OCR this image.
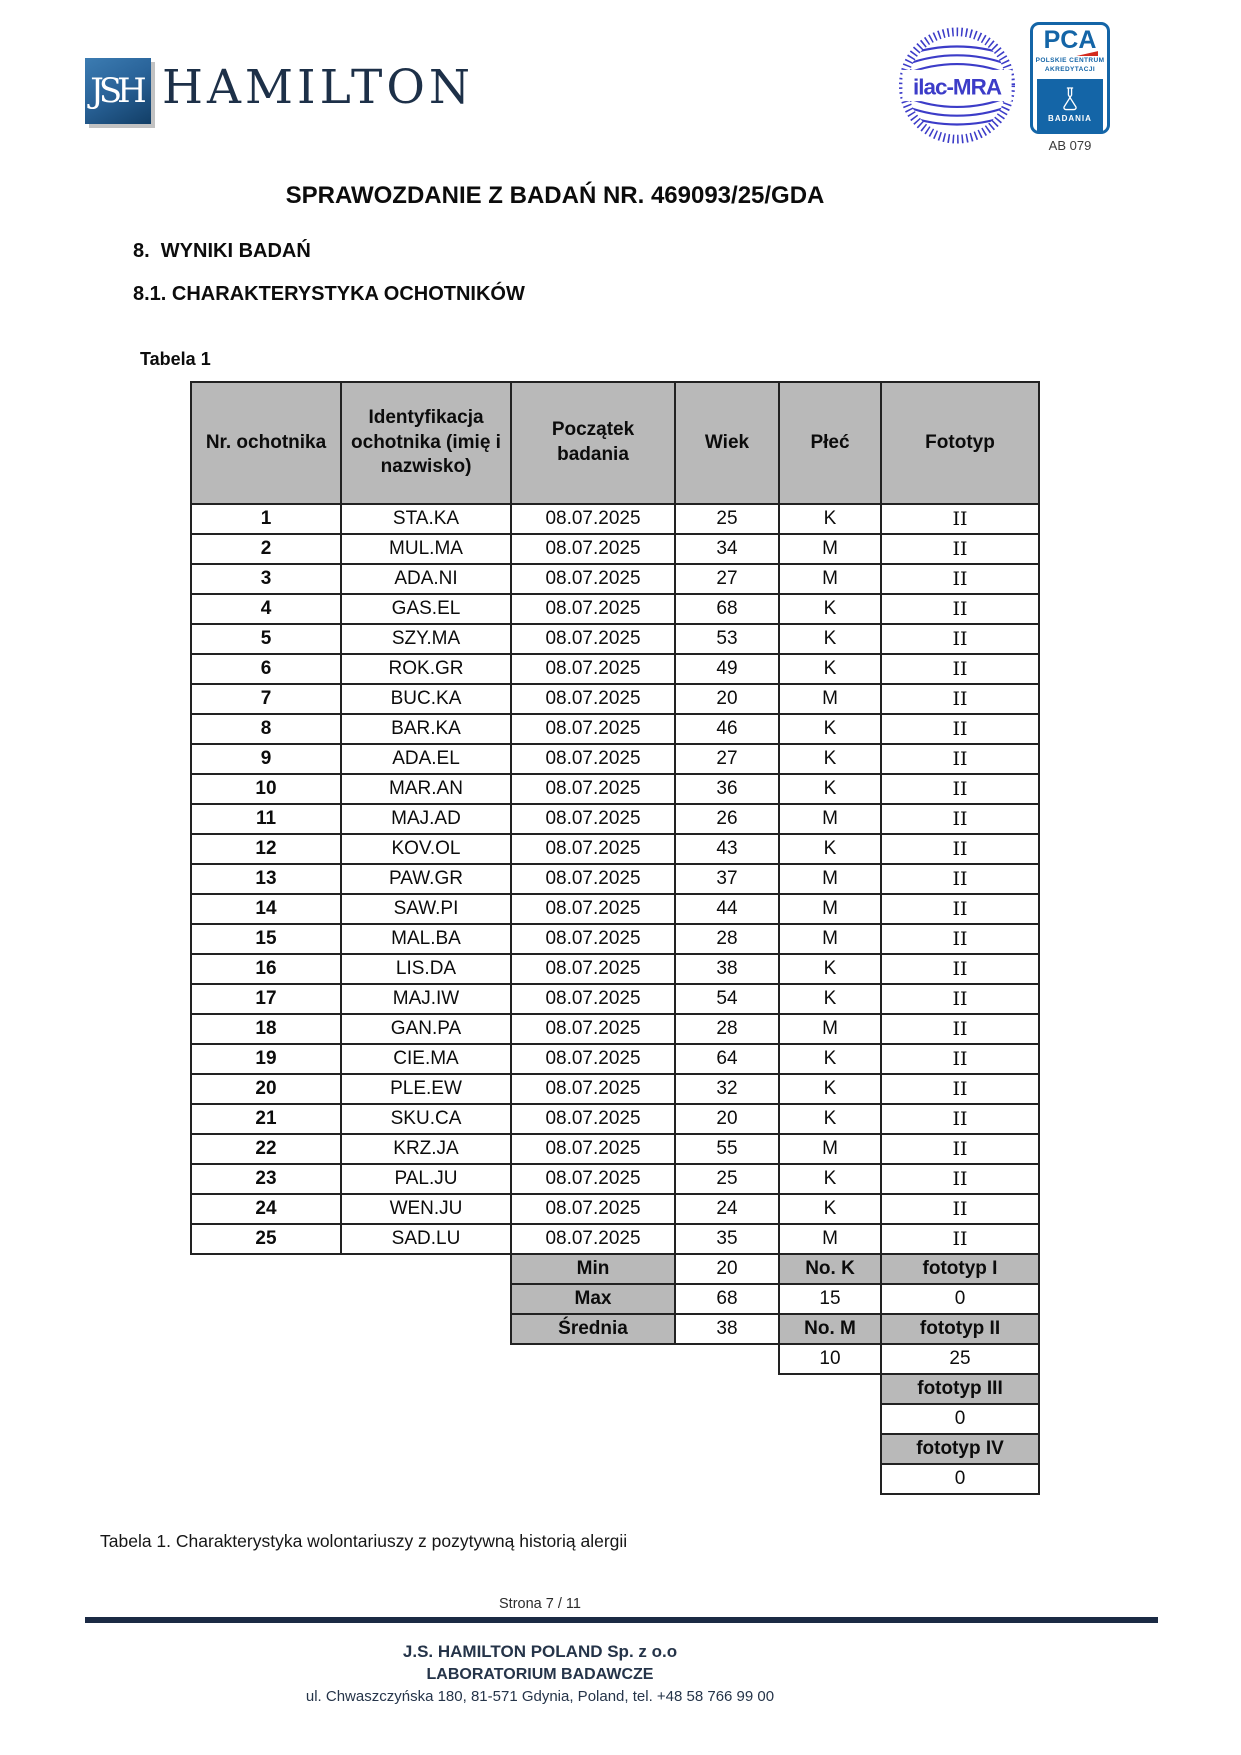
JSH HAMILTON	ilac-MRA
PCA
POLSKIE CENTRUM
AKREDYTACJI
BADANIA
AB 079
SPRAWOZDANIE Z BADAŃ NR. 469093/25/GDA
8.  WYNIKI BADAŃ
8.1. CHARAKTERYSTYKA OCHOTNIKÓW
Tabela 1
Nr. ochotnika	Identyfikacja ochotnika (imię i nazwisko)	Początek badania	Wiek	Płeć	Fototyp
1	STA.KA	08.07.2025	25	K	II
2	MUL.MA	08.07.2025	34	M	II
3	ADA.NI	08.07.2025	27	M	II
4	GAS.EL	08.07.2025	68	K	II
5	SZY.MA	08.07.2025	53	K	II
6	ROK.GR	08.07.2025	49	K	II
7	BUC.KA	08.07.2025	20	M	II
8	BAR.KA	08.07.2025	46	K	II
9	ADA.EL	08.07.2025	27	K	II
10	MAR.AN	08.07.2025	36	K	II
11	MAJ.AD	08.07.2025	26	M	II
12	KOV.OL	08.07.2025	43	K	II
13	PAW.GR	08.07.2025	37	M	II
14	SAW.PI	08.07.2025	44	M	II
15	MAL.BA	08.07.2025	28	M	II
16	LIS.DA	08.07.2025	38	K	II
17	MAJ.IW	08.07.2025	54	K	II
18	GAN.PA	08.07.2025	28	M	II
19	CIE.MA	08.07.2025	64	K	II
20	PLE.EW	08.07.2025	32	K	II
21	SKU.CA	08.07.2025	20	K	II
22	KRZ.JA	08.07.2025	55	M	II
23	PAL.JU	08.07.2025	25	K	II
24	WEN.JU	08.07.2025	24	K	II
25	SAD.LU	08.07.2025	35	M	II
		Min	20	No. K	fototyp I
		Max	68	15	0
		Średnia	38	No. M	fototyp II
				10	25
					fototyp III
					0
					fototyp IV
					0
Tabela 1. Charakterystyka wolontariuszy z pozytywną historią alergii
Strona 7 / 11
J.S. HAMILTON POLAND Sp. z o.o
LABORATORIUM BADAWCZE
ul. Chwaszczyńska 180, 81-571 Gdynia, Poland, tel. +48 58 766 99 00
